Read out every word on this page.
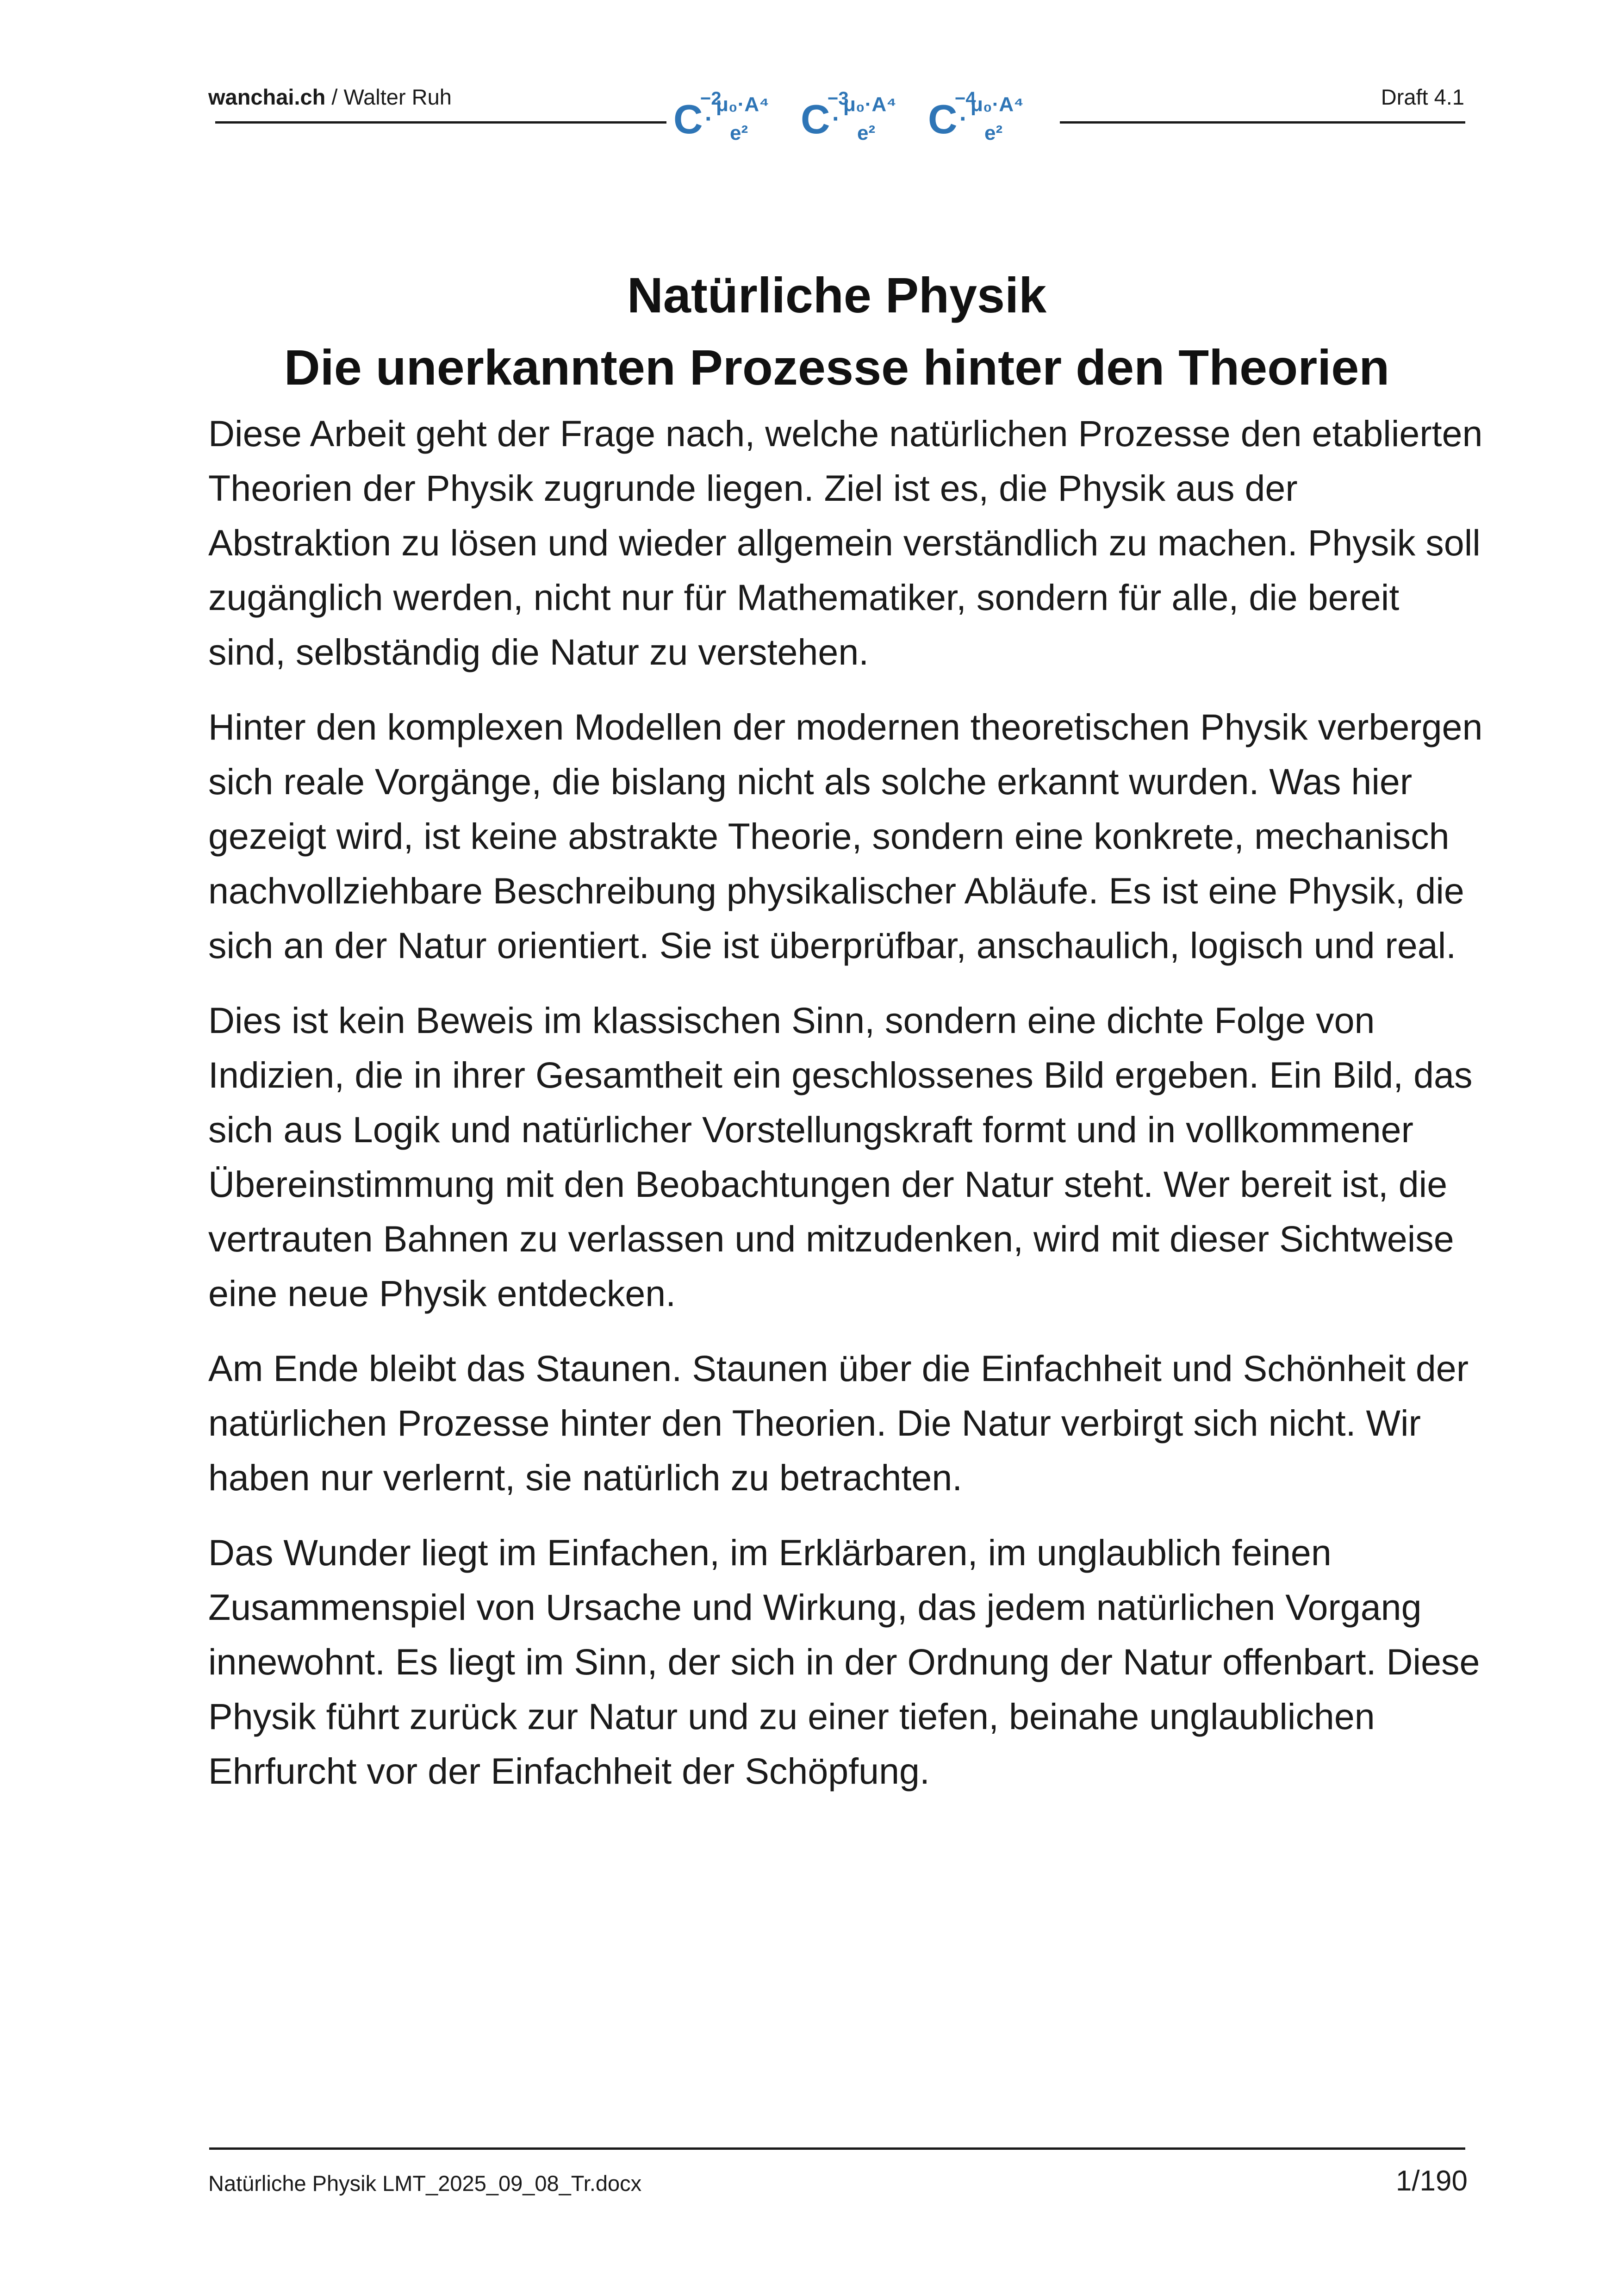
wanchai.ch / Walter Ruh	C
−2
·
μ₀·A⁴
e² C
−3
·
μ₀·A⁴
e² C
−4
·
μ₀·A⁴
e²
Draft 4.1
Natürliche Physik
Die unerkannten Prozesse hinter den Theorien

Diese Arbeit geht der Frage nach, welche natürlichen Prozesse den etablierten Theorien der Physik zugrunde liegen. Ziel ist es, die Physik aus der Abstraktion zu lösen und wieder allgemein verständlich zu machen. Physik soll zugänglich werden, nicht nur für Mathematiker, sondern für alle, die bereit sind, selbständig die Natur zu verstehen.

Hinter den komplexen Modellen der modernen theoretischen Physik verbergen sich reale Vorgänge, die bislang nicht als solche erkannt wurden. Was hier gezeigt wird, ist keine abstrakte Theorie, sondern eine konkrete, mechanisch nachvollziehbare Beschreibung physikalischer Abläufe. Es ist eine Physik, die sich an der Natur orientiert. Sie ist überprüfbar, anschaulich, logisch und real.

Dies ist kein Beweis im klassischen Sinn, sondern eine dichte Folge von Indizien, die in ihrer Gesamtheit ein geschlossenes Bild ergeben. Ein Bild, das sich aus Logik und natürlicher Vorstellungskraft formt und in vollkommener Übereinstimmung mit den Beobachtungen der Natur steht. Wer bereit ist, die vertrauten Bahnen zu verlassen und mitzudenken, wird mit dieser Sichtweise eine neue Physik entdecken.

Am Ende bleibt das Staunen. Staunen über die Einfachheit und Schönheit der natürlichen Prozesse hinter den Theorien. Die Natur verbirgt sich nicht. Wir haben nur verlernt, sie natürlich zu betrachten.

Das Wunder liegt im Einfachen, im Erklärbaren, im unglaublich feinen Zusammenspiel von Ursache und Wirkung, das jedem natürlichen Vorgang innewohnt. Es liegt im Sinn, der sich in der Ordnung der Natur offenbart. Diese Physik führt zurück zur Natur und zu einer tiefen, beinahe unglaublichen Ehrfurcht vor der Einfachheit der Schöpfung.

Natürliche Physik LMT_2025_09_08_Tr.docx	1/190
